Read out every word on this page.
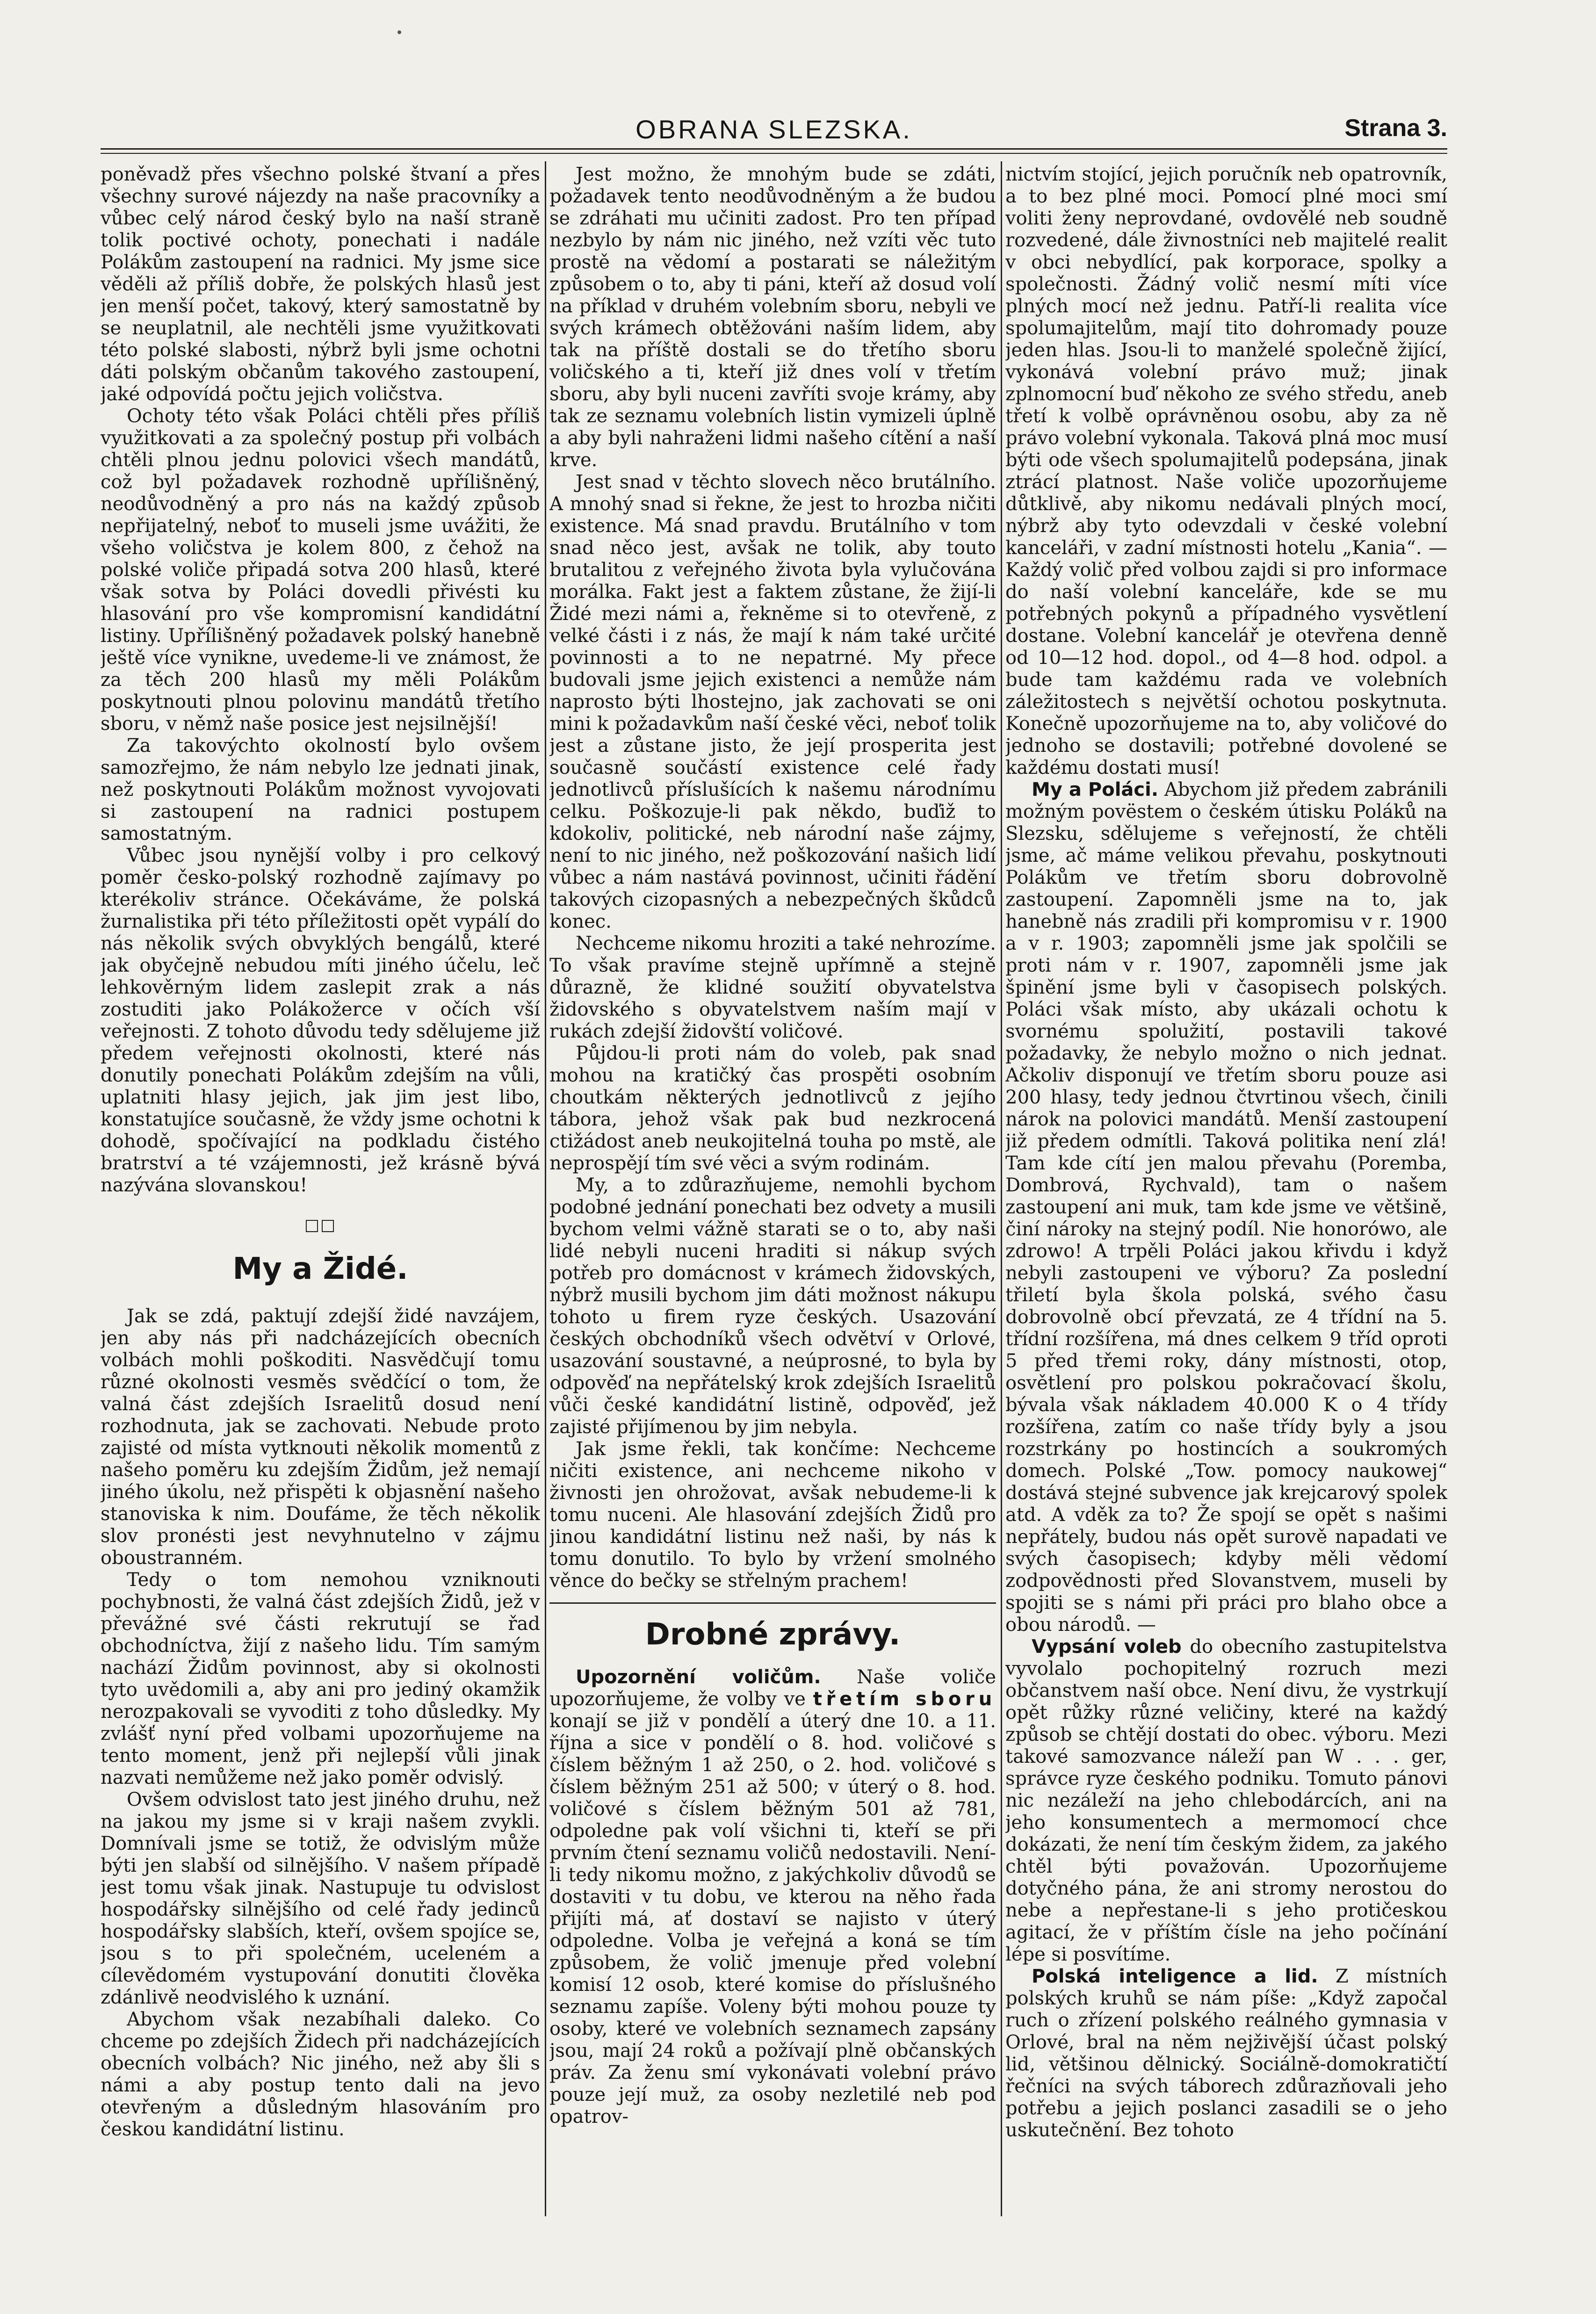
OBRANA SLEZSKA.	Strana 3.

poněvadž přes všechno polské štvaní a přes všechny surové nájezdy na naše pracovníky a vůbec celý národ český bylo na naší straně tolik poctivé ochoty, ponechati i nadále Polákům zastoupení na radnici. My jsme sice věděli až příliš dobře, že polských hlasů jest jen menší počet, takový, který samostatně by se neuplatnil, ale nechtěli jsme využitkovati této polské slabosti, nýbrž byli jsme ochotni dáti polským občanům takového zastoupení, jaké odpovídá počtu jejich voličstva.

Ochoty této však Poláci chtěli přes příliš využitkovati a za společný postup při volbách chtěli plnou jednu polovici všech mandátů, což byl požadavek rozhodně upřílišněný, neodůvodněný a pro nás na každý způsob nepřijatelný, neboť to museli jsme uvážiti, že všeho voličstva je kolem 800, z čehož na polské voliče připadá sotva 200 hlasů, které však sotva by Poláci dovedli přivésti ku hlasování pro vše kompromisní kandidátní listiny. Upřílišněný požadavek polský hanebně ještě více vyniknе, uvedeme-li ve známost, že za těch 200 hlasů my měli Polákům poskytnouti plnou polovinu mandátů třetího sboru, v němž naše posice jest nejsilnější!

Za takovýchto okolností bylo ovšem samozřejmo, že nám nebylo lze jednati jinak, než poskytnouti Polákům možnost vyvojovati si zastoupení na radnici postupem samostatným.

Vůbec jsou nynější volby i pro celkový poměr česko-polský rozhodně zajímavy po kterékoliv stránce. Očekáváme, že polská žurnalistika při této příležitosti opět vypálí do nás několik svých obvyklých bengálů, které jak obyčejně nebudou míti jiného účelu, leč lehkověrným lidem zaslepit zrak a nás zostuditi jako Polákožerce v očích vší veřejnosti. Z tohoto důvodu tedy sdělujeme již předem veřejnosti okolnosti, které nás donutily ponechati Polákům zdejším na vůli, uplatniti hlasy jejich, jak jim jest libo, konstatujíce současně, že vždy jsme ochotni k dohodě, spočívající na podkladu čistého bratrství a té vzájemnosti, jež krásně bývá nazývána slovanskou!

□□
My a Židé.

Jak se zdá, paktují zdejší židé navzájem, jen aby nás při nadcházejících obecních volbách mohli poškoditi. Nasvědčují tomu různé okolnosti vesměs svědčící o tom, že valná část zdejších Israelitů dosud není rozhodnuta, jak se zachovati. Nebude proto zajisté od místa vytknouti několik momentů z našeho poměru ku zdejším Židům, jež nemají jiného úkolu, než přispěti k objasnění našeho stanoviska k nim. Doufáme, že těch několik slov pronésti jest nevyhnutelno v zájmu oboustranném.

Tedy o tom nemohou vzniknouti pochybnosti, že valná část zdejších Židů, jež v převážné své části rekrutují se řad obchodníctva, žijí z našeho lidu. Tím samým nachází Židům povinnost, aby si okolnosti tyto uvědomili a, aby ani pro jediný okamžik nerozpakovali se vyvoditi z toho důsledky. My zvlášť nyní před volbami upozorňujeme na tento moment, jenž při nejlepší vůli jinak nazvati nemůžeme než jako poměr odvislý.

Ovšem odvislost tato jest jiného druhu, než na jakou my jsme si v kraji našem zvykli. Domnívali jsme se totiž, že odvislým může býti jen slabší od silnějšího. V našem případě jest tomu však jinak. Nastupuje tu odvislost hospodářsky silnějšího od celé řady jedinců hospodářsky slabších, kteří, ovšem spojíce se, jsou s to při společném, uceleném a cílevědomém vystupování donutiti člověka zdánlivě neodvislého k uznání.

Abychom však nezabíhali daleko. Co chceme po zdejších Židech při nadcházejících obecních volbách? Nic jiného, než aby šli s námi a aby postup tento dali na jevo otevřeným a důsledným hlasováním pro českou kandidátní listinu.

Jest možno, že mnohým bude se zdáti, požadavek tento neodůvodněným a že budou se zdráhati mu učiniti zadost. Pro ten případ nezbylo by nám nic jiného, než vzíti věc tuto prostě na vědomí a postarati se náležitým způsobem o to, aby ti páni, kteří až dosud volí na příklad v druhém volebním sboru, nebyli ve svých krámech obtěžováni naším lidem, aby tak na příště dostali se do třetího sboru voličského a ti, kteří již dnes volí v třetím sboru, aby byli nuceni zavříti svoje krámy, aby tak ze seznamu volebních listin vymizeli úplně a aby byli nahraženi lidmi našeho cítění a naší krve.

Jest snad v těchto slovech něco brutálního. A mnohý snad si řekne, že jest to hrozba ničiti existence. Má snad pravdu. Brutálního v tom snad něco jest, avšak ne tolik, aby touto brutalitou z veřejného života byla vylučována morálka. Fakt jest a faktem zůstane, že žijí-li Židé mezi námi a, řekněme si to otevřeně, z velké části i z nás, že mají k nám také určité povinnosti a to ne nepatrné. My přece budovali jsme jejich existenci a nemůže nám naprosto býti lhostejno, jak zachovati se oni mini k požadavkům naší české věci, neboť tolik jest a zůstane jisto, že její prosperita jest současně součástí existence celé řady jednotlivců příslušících k našemu národnímu celku. Poškozuje-li pak někdo, buďiž to kdokoliv, politické, neb národní naše zájmy, není to nic jiného, než poškozování našich lidí vůbec a nám nastává povinnost, učiniti řádění takových cizopasných a nebezpečných škůdců konec.

Nechceme nikomu hroziti a také nehrozíme. To však pravíme stejně upřímně a stejně důrazně, že klidné soužití obyvatelstva židovského s obyvatelstvem naším mají v rukách zdejší židovští voličové.

Půjdou-li proti nám do voleb, pak snad mohou na kratičký čas prospěti osobním choutkám některých jednotlivců z jejího tábora, jehož však pak bud nezkrocená ctižádost aneb neukojitelná touha po mstě, ale neprospějí tím své věci a svým rodinám.

My, a to zdůrazňujeme, nemohli bychom podobné jednání ponechati bez odvety a musili bychom velmi vážně starati se o to, aby naši lidé nebyli nuceni hraditi si nákup svých potřeb pro domácnost v krámech židovských, nýbrž musili bychom jim dáti možnost nákupu tohoto u firem ryze českých. Usazování českých obchodníků všech odvětví v Orlové, usazování soustavné, a neúprosné, to byla by odpověď na nepřátelský krok zdejších Israelitů vůči české kandidátní listině, odpověď, jež zajisté přijímenou by jim nebyla.

Jak jsme řekli, tak končíme: Nechceme ničiti existence, ani nechceme nikoho v živnosti jen ohrožovat, avšak nebudeme-li k tomu nuceni. Ale hlasování zdejších Židů pro jinou kandidátní listinu než naši, by nás k tomu donutilo. To bylo by vržení smolného věnce do bečky se střelným prachem!

Drobné zprávy.

Upozornění voličům. Naše voliče upozorňujeme, že volby ve třetím sboru konají se již v pondělí a úterý dne 10. a 11. října a sice v pondělí o 8. hod. voličové s číslem běžným 1 až 250, o 2. hod. voličové s číslem běžným 251 až 500; v úterý o 8. hod. voličové s číslem běžným 501 až 781, odpoledne pak volí všichni ti, kteří se při prvním čtení seznamu voličů nedostavili. Není-li tedy nikomu možno, z jakýchkoliv důvodů se dostaviti v tu dobu, ve kterou na něho řada přijíti má, ať dostaví se najisto v úterý odpoledne. Volba je veřejná a koná se tím způsobem, že volič jmenuje před volební komisí 12 osob, které komise do příslušného seznamu zapíše. Voleny býti mohou pouze ty osoby, které ve volebních seznamech zapsány jsou, mají 24 roků a požívají plně občanských práv. Za ženu smí vykonávati volební právo pouze její muž, za osoby nezletilé neb pod opatrov-

nictvím stojící, jejich poručník neb opatrovník, a to bez plné moci. Pomocí plné moci smí voliti ženy neprovdané, ovdovělé neb soudně rozvedené, dále živnostníci neb majitelé realit v obci nebydlící, pak korporace, spolky a společnosti. Žádný volič nesmí míti více plných mocí než jednu. Patří-li realita více spolumajitelům, mají tito dohromady pouze jeden hlas. Jsou-li to manželé společně žijící, vykonává volební právo muž; jinak zplnomocní buď někoho ze svého středu, aneb třetí k volbě oprávněnou osobu, aby za ně právo volební vykonala. Taková plná moc musí býti ode všech spolumajitelů podepsána, jinak ztrácí platnost. Naše voliče upozorňujeme důtklivě, aby nikomu nedávali plných mocí, nýbrž aby tyto odevzdali v české volební kanceláři, v zadní místnosti hotelu „Kania“. — Každý volič před volbou zajdi si pro informace do naší volební kanceláře, kde se mu potřebných pokynů a případného vysvětlení dostane. Volební kancelář je otevřena denně od 10—12 hod. dopol., od 4—8 hod. odpol. a bude tam každému rada ve volebních záležitostech s největší ochotou poskytnuta. Konečně upozorňujeme na to, aby voličové do jednoho se dostavili; potřebné dovolené se každému dostati musí!

My a Poláci. Abychom již předem zabránili možným povëstem o českém útisku Poláků na Slezsku, sdělujeme s veřejností, že chtěli jsme, ač máme velikou převahu, poskytnouti Polákům ve třetím sboru dobrovolně zastoupení. Zapomněli jsme na to, jak hanebně nás zradili při kompromisu v r. 1900 a v r. 1903; zapomněli jsme jak spolčili se proti nám v r. 1907, zapomněli jsme jak špinění jsme byli v časopisech polských. Poláci však místo, aby ukázali ochotu k svornému spolužití, postavili takové požadavky, že nebylo možno o nich jednat. Ačkoliv disponují ve třetím sboru pouze asi 200 hlasy, tedy jednou čtvrtinou všech, činili nárok na polovici mandátů. Menší zastoupení již předem odmítli. Taková politika není zlá! Tam kde cítí jen malou převahu (Poremba, Dombrová, Rychvald), tam o našem zastoupení ani muk, tam kde jsme ve většině, činí nároky na stejný podíl. Nie honorówo, ale zdrowo! A trpěli Poláci jakou křivdu i když nebyli zastoupeni ve výboru? Za poslední třiletí byla škola polská, svého času dobrovolně obcí převzatá, ze 4 třídní na 5. třídní rozšířena, má dnes celkem 9 tříd oproti 5 před třemi roky, dány místnosti, otop, osvětlení pro polskou pokračovací školu, bývala však nákladem 40.000 K o 4 třídy rozšířena, zatím co naše třídy byly a jsou rozstrkány po hostincích a soukromých domech. Polské „Tow. pomocy naukowej“ dostává stejné subvence jak krejcarový spolek atd. A vděk za to? Že spojí se opět s našimi nepřátely, budou nás opět surově napadati ve svých časopisech; kdyby měli vědomí zodpovědnosti před Slovanstvem, museli by spojiti se s námi při práci pro blaho obce a obou národů. —

Vypsání voleb do obecního zastupitelstva vyvolalo pochopitelný rozruch mezi občanstvem naší obce. Není divu, že vystrkují opět růžky různé veličiny, které na každý způsob se chtějí dostati do obec. výboru. Mezi takové samozvance náleží pan W . . . ger, správce ryze českého podniku. Tomuto pánovi nic nezáleží na jeho chlebodárcích, ani na jeho konsumentech a mermomocí chce dokázati, že není tím českým židem, za jakého chtěl býti považován. Upozorňujeme dotyčného pána, že ani stromy nerostou do nebe a nepřestane-li s jeho protičeskou agitací, že v příštím čísle na jeho počínání lépe si posvítíme.

Polská inteligence a lid. Z místních polských kruhů se nám píše: „Když započal ruch o zřízení polského reálného gymnasia v Orlové, bral na něm nejživější účast polský lid, většinou dělnický. Sociálně-domokratičtí řečníci na svých táborech zdůrazňovali jeho potřebu a jejich poslanci zasadili se o jeho uskutečnění. Bez tohoto
